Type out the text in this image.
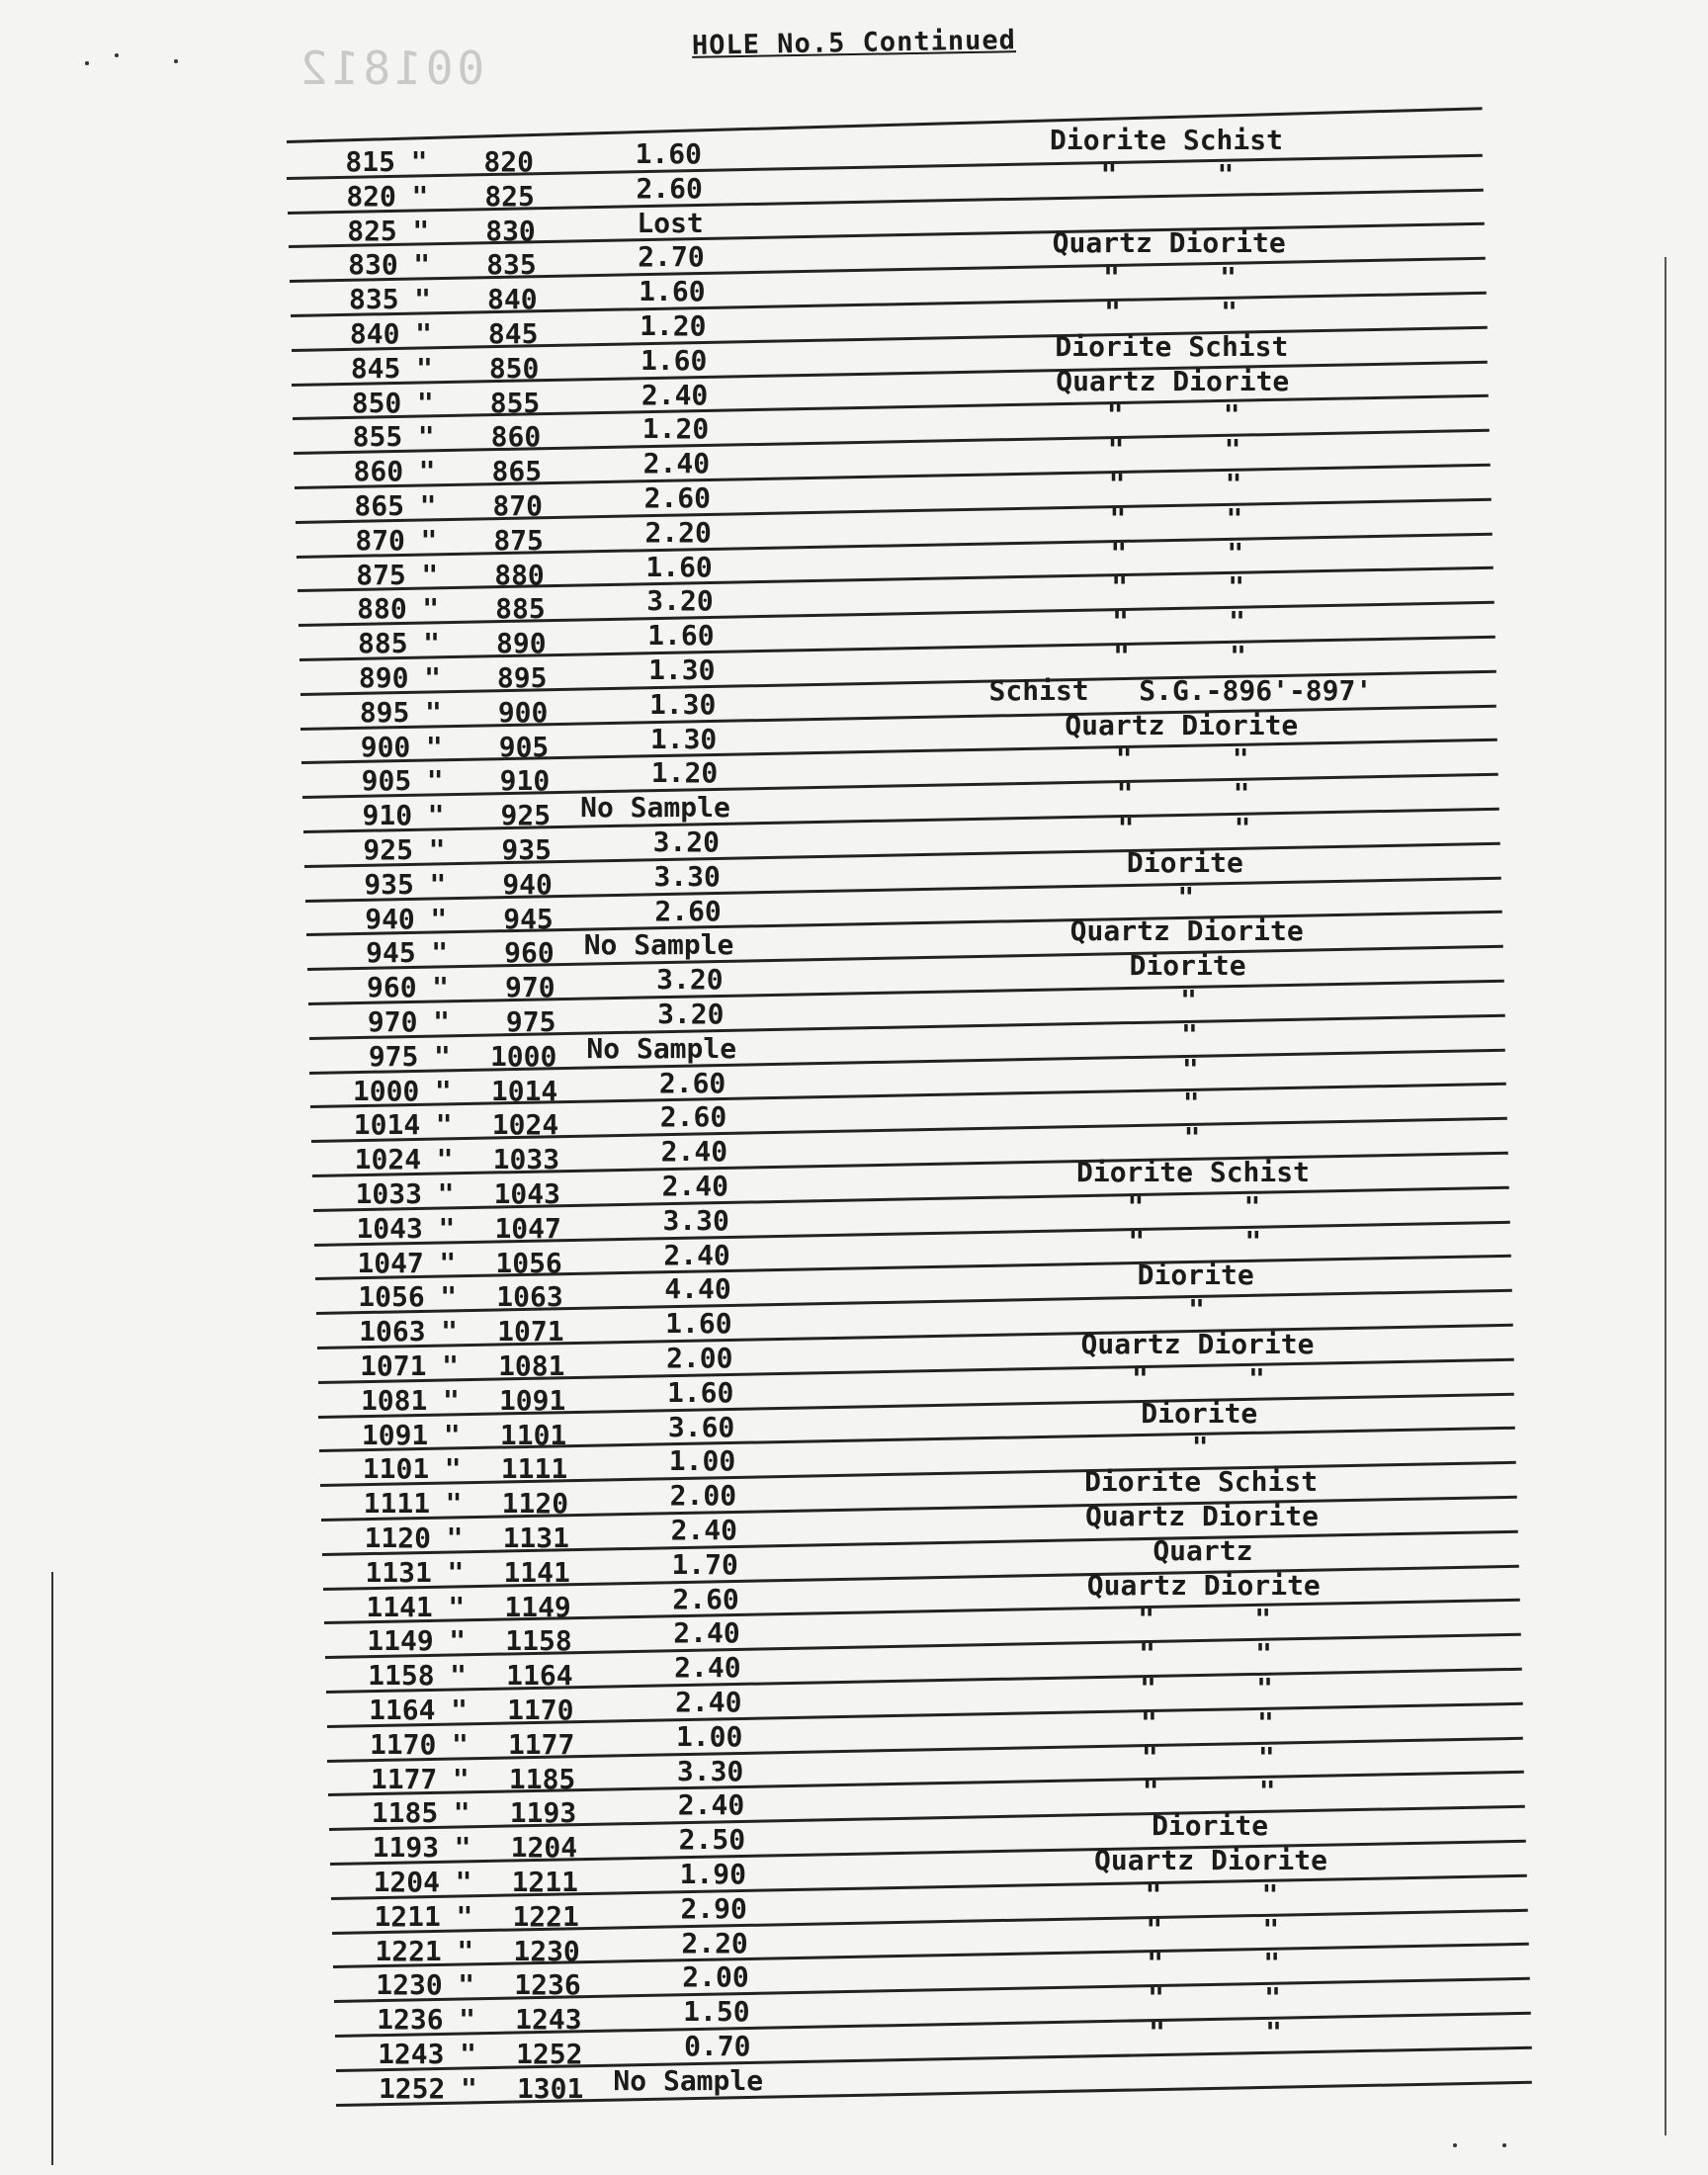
001812	HOLE No.5 Continued
815 "	820	1.60	Diorite Schist
820 "	825	2.60	"      "
825 "	830	Lost
830 "	835	2.70	Quartz Diorite
835 "	840	1.60	"      "
840 "	845	1.20	"      "
845 "	850	1.60	Diorite Schist
850 "	855	2.40	Quartz Diorite
855 "	860	1.20	"      "
860 "	865	2.40	"      "
865 "	870	2.60	"      "
870 "	875	2.20	"      "
875 "	880	1.60	"      "
880 "	885	3.20	"      "
885 "	890	1.60	"      "
890 "	895	1.30	"      "
895 "	900	1.30	Schist   S.G.-896'-897'
900 "	905	1.30	Quartz Diorite
905 "	910	1.20	"      "
910 "	925 No Sample	"      "
925 "	935	3.20	"      "
935 "	940	3.30	Diorite
940 "	945	2.60	"
945 "	960 No Sample	Quartz Diorite
960 "	970	3.20	Diorite
970 "	975	3.20	"
975 "	1000 No Sample	"
1000 "	1014	2.60	"
1014 "	1024	2.60	"
1024 "	1033	2.40	"
1033 "	1043	2.40	Diorite Schist
1043 "	1047	3.30	"      "
1047 "	1056	2.40	"      "
1056 "	1063	4.40	Diorite
1063 "	1071	1.60	"
1071 "	1081	2.00	Quartz Diorite
1081 "	1091	1.60	"      "
1091 "	1101	3.60	Diorite
1101 "	1111	1.00	"
1111 "	1120	2.00	Diorite Schist
1120 "	1131	2.40	Quartz Diorite
1131 "	1141	1.70	Quartz
1141 "	1149	2.60	Quartz Diorite
1149 "	1158	2.40	"      "
1158 "	1164	2.40	"      "
1164 "	1170	2.40	"      "
1170 "	1177	1.00	"      "
1177 "	1185	3.30	"      "
1185 "	1193	2.40	"      "
1193 "	1204	2.50	Diorite
1204 "	1211	1.90	Quartz Diorite
1211 "	1221	2.90	"      "
1221 "	1230	2.20	"      "
1230 "	1236	2.00	"      "
1236 "	1243	1.50	"      "
1243 "	1252	0.70	"      "
1252 "	1301 No Sample
